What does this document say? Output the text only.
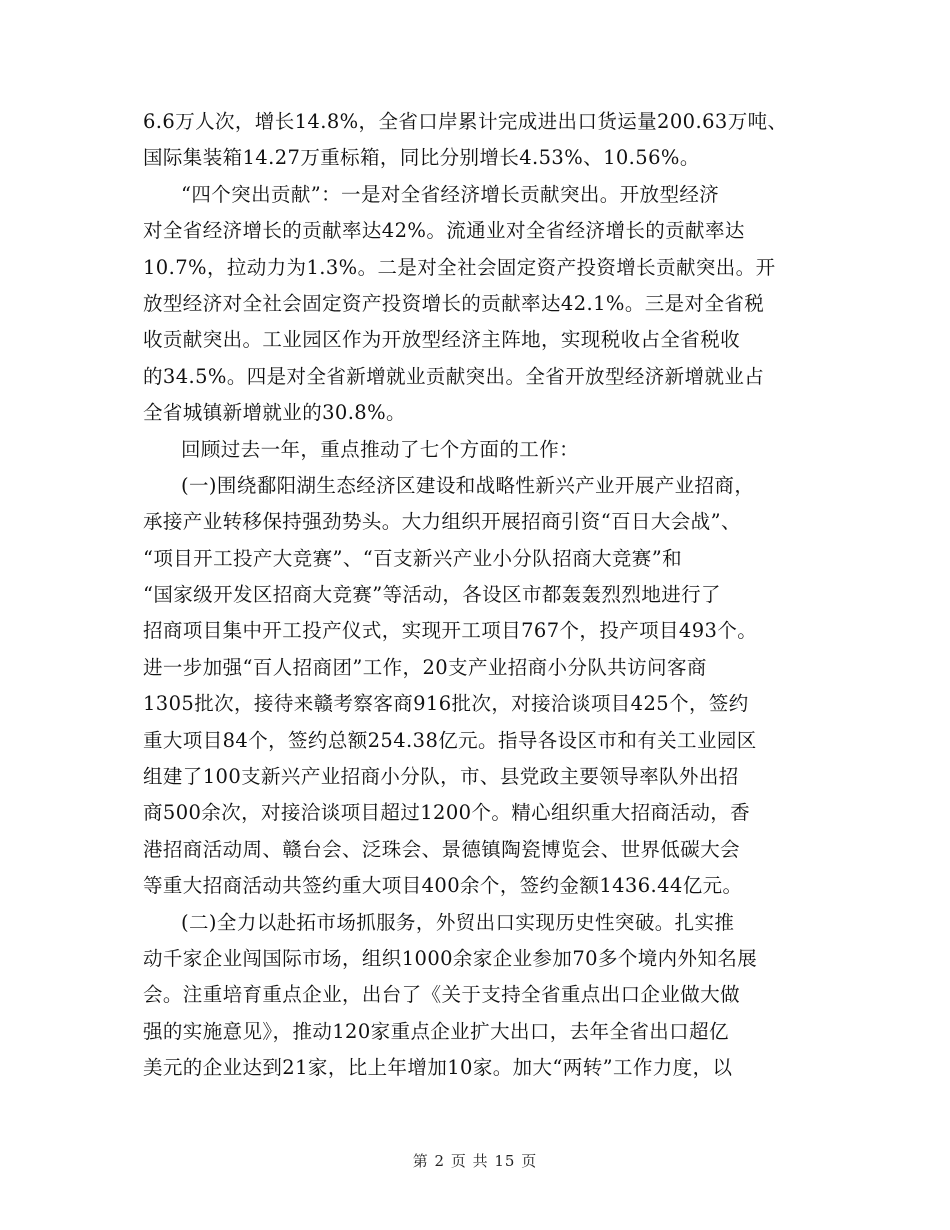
6.6万人次，增长14.8%，全省口岸累计完成进出口货运量200.63万吨、
国际集装箱14.27万重标箱，同比分别增长4.53%、10.56%。
“四个突出贡献”：一是对全省经济增长贡献突出。开放型经济
对全省经济增长的贡献率达42%。流通业对全省经济增长的贡献率达
10.7%，拉动力为1.3%。二是对全社会固定资产投资增长贡献突出。开
放型经济对全社会固定资产投资增长的贡献率达42.1%。三是对全省税
收贡献突出。工业园区作为开放型经济主阵地，实现税收占全省税收
的34.5%。四是对全省新增就业贡献突出。全省开放型经济新增就业占
全省城镇新增就业的30.8%。
回顾过去一年，重点推动了七个方面的工作：
(一)围绕鄱阳湖生态经济区建设和战略性新兴产业开展产业招商，
承接产业转移保持强劲势头。大力组织开展招商引资“百日大会战”、
“项目开工投产大竞赛”、“百支新兴产业小分队招商大竞赛”和
“国家级开发区招商大竞赛”等活动，各设区市都轰轰烈烈地进行了
招商项目集中开工投产仪式，实现开工项目767个，投产项目493个。
进一步加强“百人招商团”工作，20支产业招商小分队共访问客商
1305批次，接待来赣考察客商916批次，对接洽谈项目425个，签约
重大项目84个，签约总额254.38亿元。指导各设区市和有关工业园区
组建了100支新兴产业招商小分队，市、县党政主要领导率队外出招
商500余次，对接洽谈项目超过1200个。精心组织重大招商活动，香
港招商活动周、赣台会、泛珠会、景德镇陶瓷博览会、世界低碳大会
等重大招商活动共签约重大项目400余个，签约金额1436.44亿元。
(二)全力以赴拓市场抓服务，外贸出口实现历史性突破。扎实推
动千家企业闯国际市场，组织1000余家企业参加70多个境内外知名展
会。注重培育重点企业，出台了《关于支持全省重点出口企业做大做
强的实施意见》，推动120家重点企业扩大出口，去年全省出口超亿
美元的企业达到21家，比上年增加10家。加大“两转”工作力度，以
第 2 页 共 15 页
